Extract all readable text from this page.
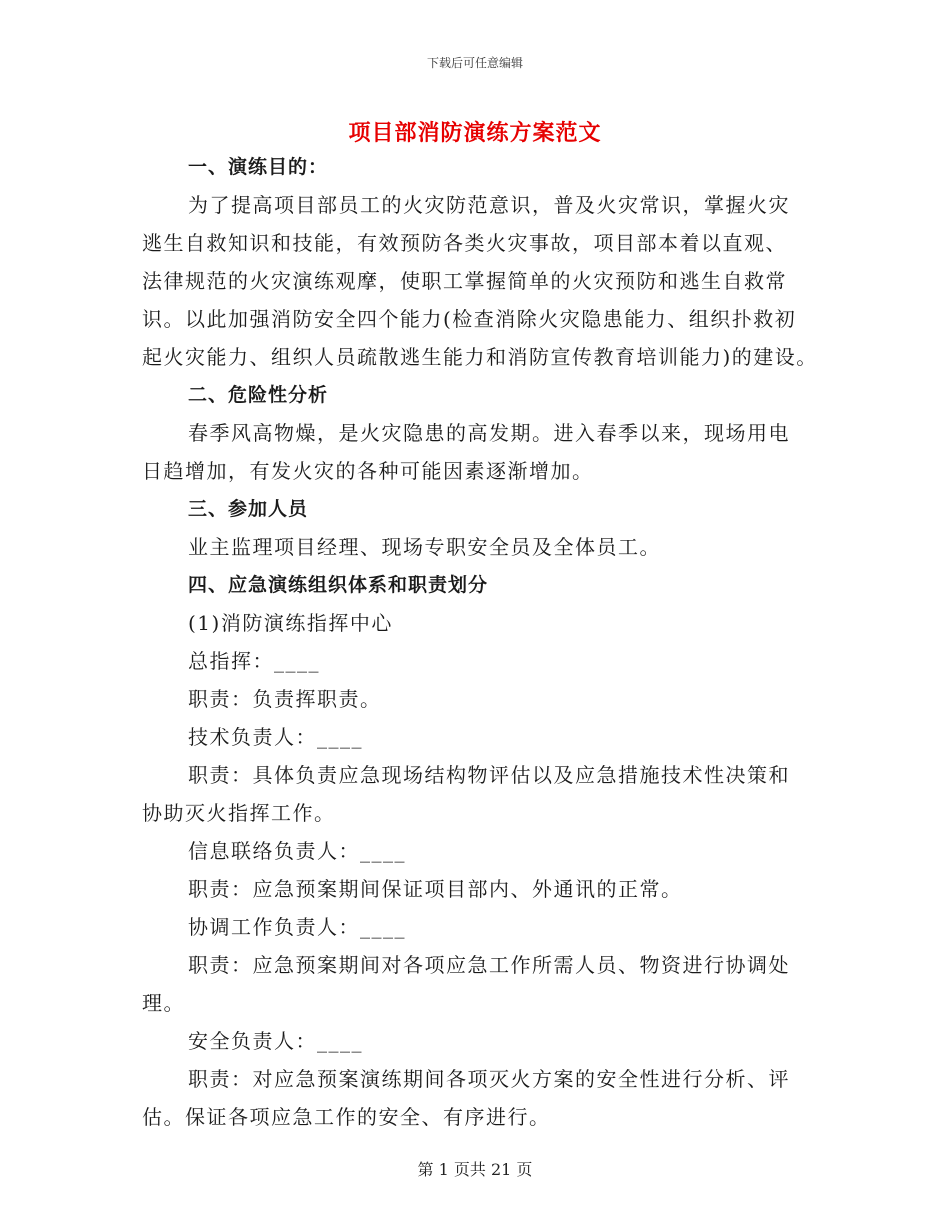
下载后可任意编辑
项目部消防演练方案范文
一、演练目的：
为了提高项目部员工的火灾防范意识，普及火灾常识，掌握火灾
逃生自救知识和技能，有效预防各类火灾事故，项目部本着以直观、
法律规范的火灾演练观摩，使职工掌握简单的火灾预防和逃生自救常
识。以此加强消防安全四个能力(检查消除火灾隐患能力、组织扑救初
起火灾能力、组织人员疏散逃生能力和消防宣传教育培训能力)的建设。
二、危险性分析
春季风高物燥，是火灾隐患的高发期。进入春季以来，现场用电
日趋增加，有发火灾的各种可能因素逐渐增加。
三、参加人员
业主监理项目经理、现场专职安全员及全体员工。
四、应急演练组织体系和职责划分
(1)消防演练指挥中心
总指挥：____
职责：负责挥职责。
技术负责人：____
职责：具体负责应急现场结构物评估以及应急措施技术性决策和
协助灭火指挥工作。
信息联络负责人：____
职责：应急预案期间保证项目部内、外通讯的正常。
协调工作负责人：____
职责：应急预案期间对各项应急工作所需人员、物资进行协调处
理。
安全负责人：____
职责：对应急预案演练期间各项灭火方案的安全性进行分析、评
估。保证各项应急工作的安全、有序进行。
第 1 页共 21 页
